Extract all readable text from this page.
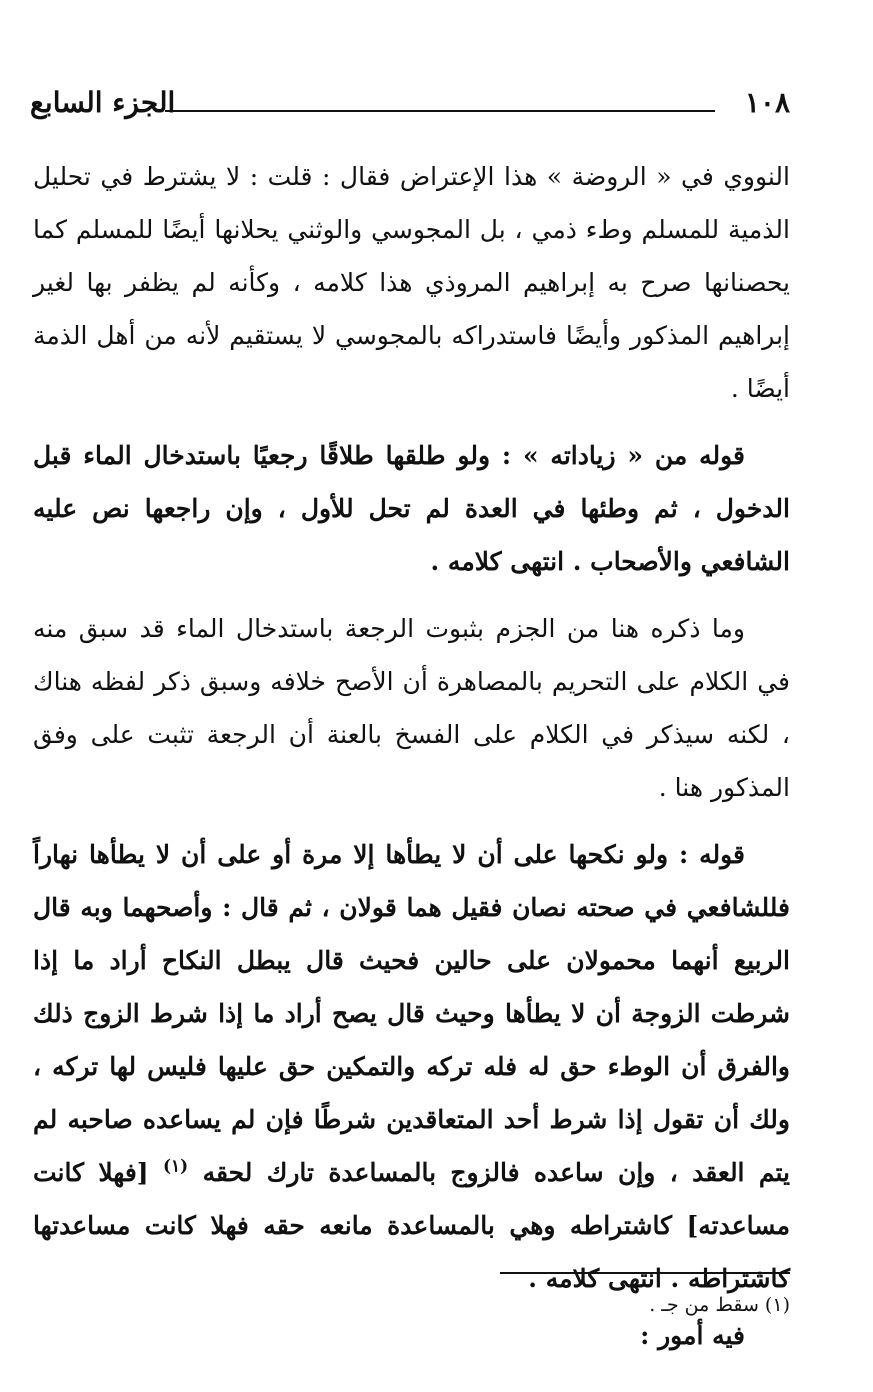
١٠٨
الجزء السابع

النووي في « الروضة » هذا الإعتراض فقال : قلت : لا يشترط في تحليل الذمية للمسلم وطء ذمي ، بل المجوسي والوثني يحلانها أيضًا للمسلم كما يحصنانها صرح به إبراهيم المروذي هذا كلامه ، وكأنه لم يظفر بها لغير إبراهيم المذكور وأيضًا فاستدراكه بالمجوسي لا يستقيم لأنه من أهل الذمة أيضًا .

قوله من « زياداته » : ولو طلقها طلاقًا رجعيًا باستدخال الماء قبل الدخول ، ثم وطئها في العدة لم تحل للأول ، وإن راجعها نص عليه الشافعي والأصحاب . انتهى كلامه .

وما ذكره هنا من الجزم بثبوت الرجعة باستدخال الماء قد سبق منه في الكلام على التحريم بالمصاهرة أن الأصح خلافه وسبق ذكر لفظه هناك ، لكنه سيذكر في الكلام على الفسخ بالعنة أن الرجعة تثبت على وفق المذكور هنا .

قوله : ولو نكحها على أن لا يطأها إلا مرة أو على أن لا يطأها نهاراً فللشافعي في صحته نصان فقيل هما قولان ، ثم قال : وأصحهما وبه قال الربيع أنهما محمولان على حالين فحيث قال يبطل النكاح أراد ما إذا شرطت الزوجة أن لا يطأها وحيث قال يصح أراد ما إذا شرط الزوج ذلك والفرق أن الوطء حق له فله تركه والتمكين حق عليها فليس لها تركه ، ولك أن تقول إذا شرط أحد المتعاقدين شرطًا فإن لم يساعده صاحبه لم يتم العقد ، وإن ساعده فالزوج بالمساعدة تارك لحقه $^{(١)}$ [فهلا كانت مساعدته] كاشتراطه وهي بالمساعدة مانعه حقه فهلا كانت مساعدتها كاشتراطه . انتهى كلامه .

فيه أمور :

(١) سقط من جـ .
